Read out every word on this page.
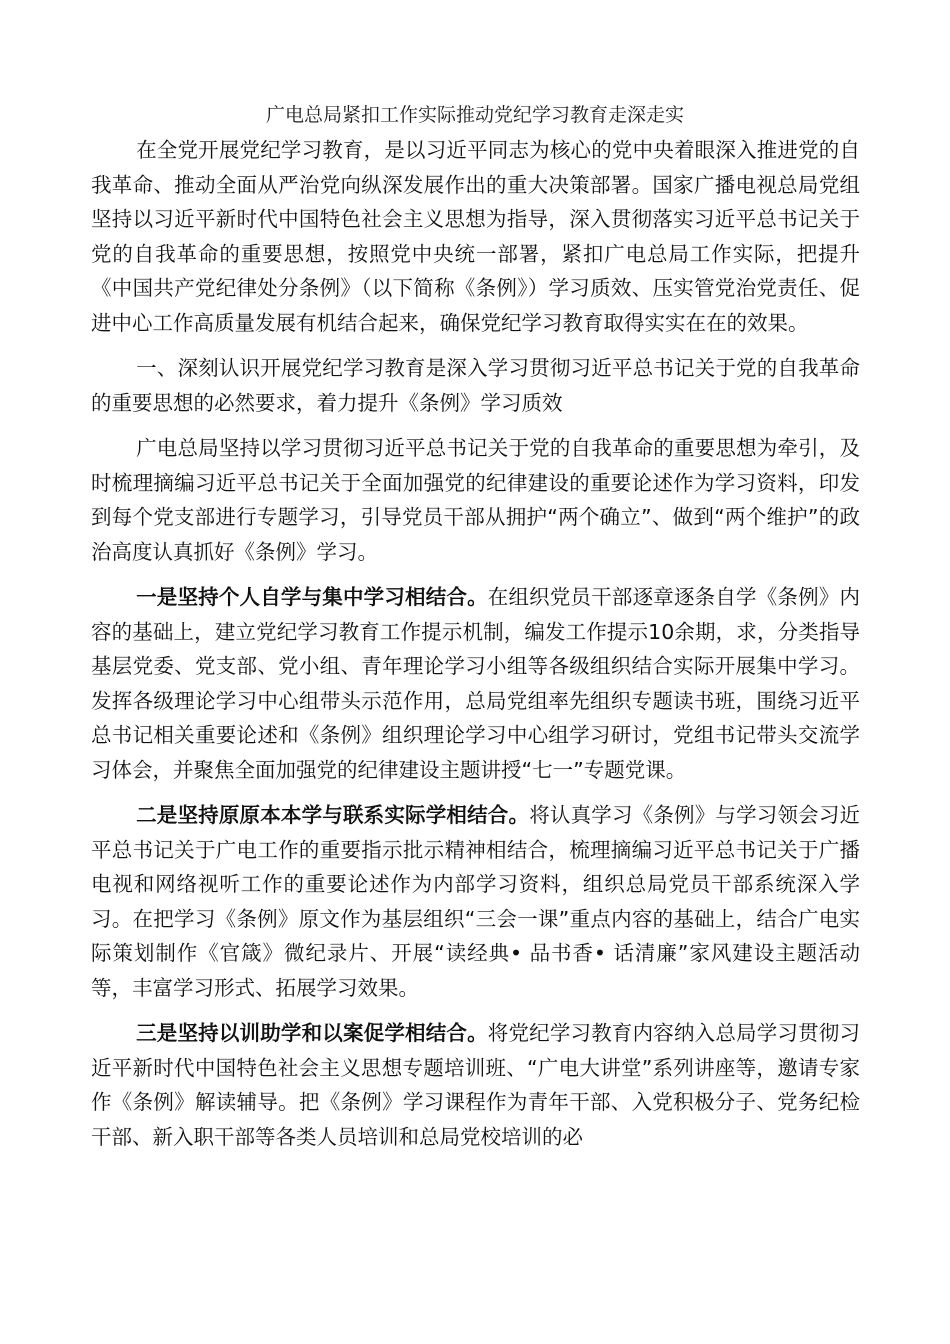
广电总局紧扣工作实际推动党纪学习教育走深走实

在全党开展党纪学习教育，是以习近平同志为核心的党中央着眼深入推进党的自我革命、推动全面从严治党向纵深发展作出的重大决策部署。国家广播电视总局党组坚持以习近平新时代中国特色社会主义思想为指导，深入贯彻落实习近平总书记关于党的自我革命的重要思想，按照党中央统一部署，紧扣广电总局工作实际，把提升《中国共产党纪律处分条例》（以下简称《条例》）学习质效、压实管党治党责任、促进中心工作高质量发展有机结合起来，确保党纪学习教育取得实实在在的效果。

一、深刻认识开展党纪学习教育是深入学习贯彻习近平总书记关于党的自我革命的重要思想的必然要求，着力提升《条例》学习质效

广电总局坚持以学习贯彻习近平总书记关于党的自我革命的重要思想为牵引，及时梳理摘编习近平总书记关于全面加强党的纪律建设的重要论述作为学习资料，印发到每个党支部进行专题学习，引导党员干部从拥护“两个确立”、做到“两个维护”的政治高度认真抓好《条例》学习。

一是坚持个人自学与集中学习相结合。在组织党员干部逐章逐条自学《条例》内容的基础上，建立党纪学习教育工作提示机制，编发工作提示10余期，求，分类指导基层党委、党支部、党小组、青年理论学习小组等各级组织结合实际开展集中学习。发挥各级理论学习中心组带头示范作用，总局党组率先组织专题读书班，围绕习近平总书记相关重要论述和《条例》组织理论学习中心组学习研讨，党组书记带头交流学习体会，并聚焦全面加强党的纪律建设主题讲授“七一”专题党课。

二是坚持原原本本学与联系实际学相结合。将认真学习《条例》与学习领会习近平总书记关于广电工作的重要指示批示精神相结合，梳理摘编习近平总书记关于广播电视和网络视听工作的重要论述作为内部学习资料，组织总局党员干部系统深入学习。在把学习《条例》原文作为基层组织“三会一课”重点内容的基础上，结合广电实际策划制作《官箴》微纪录片、开展“读经典• 品书香• 话清廉”家风建设主题活动等，丰富学习形式、拓展学习效果。

三是坚持以训助学和以案促学相结合。将党纪学习教育内容纳入总局学习贯彻习近平新时代中国特色社会主义思想专题培训班、“广电大讲堂”系列讲座等，邀请专家作《条例》解读辅导。把《条例》学习课程作为青年干部、入党积极分子、党务纪检干部、新入职干部等各类人员培训和总局党校培训的必
